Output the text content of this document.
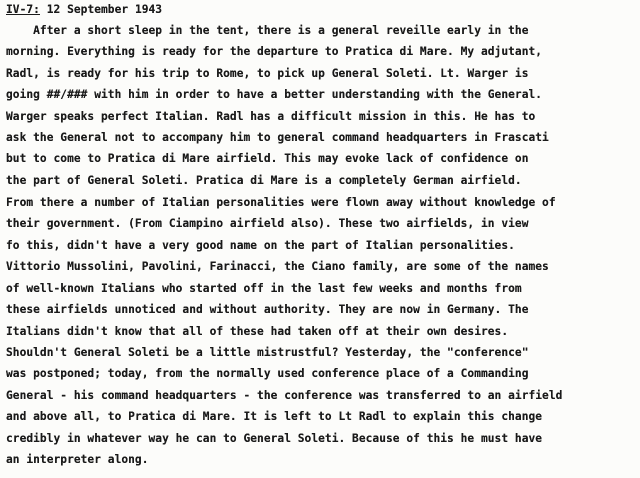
IV-7: 12 September 1943
After a short sleep in the tent, there is a general reveille early in the
morning. Everything is ready for the departure to Pratica di Mare. My adjutant,
Radl, is ready for his trip to Rome, to pick up General Soleti. Lt. Warger is
going ##/### with him in order to have a better understanding with the General.
Warger speaks perfect Italian. Radl has a difficult mission in this. He has to
ask the General not to accompany him to general command headquarters in Frascati
but to come to Pratica di Mare airfield. This may evoke lack of confidence on
the part of General Soleti. Pratica di Mare is a completely German airfield.
From there a number of Italian personalities were flown away without knowledge of
their government. (From Ciampino airfield also). These two airfields, in view
fo this, didn't have a very good name on the part of Italian personalities.
Vittorio Mussolini, Pavolini, Farinacci, the Ciano family, are some of the names
of well-known Italians who started off in the last few weeks and months from
these airfields unnoticed and without authority. They are now in Germany. The
Italians didn't know that all of these had taken off at their own desires.
Shouldn't General Soleti be a little mistrustful? Yesterday, the "conference"
was postponed; today, from the normally used conference place of a Commanding
General - his command headquarters - the conference was transferred to an airfield
and above all, to Pratica di Mare. It is left to Lt Radl to explain this change
credibly in whatever way he can to General Soleti. Because of this he must have
an interpreter along.
